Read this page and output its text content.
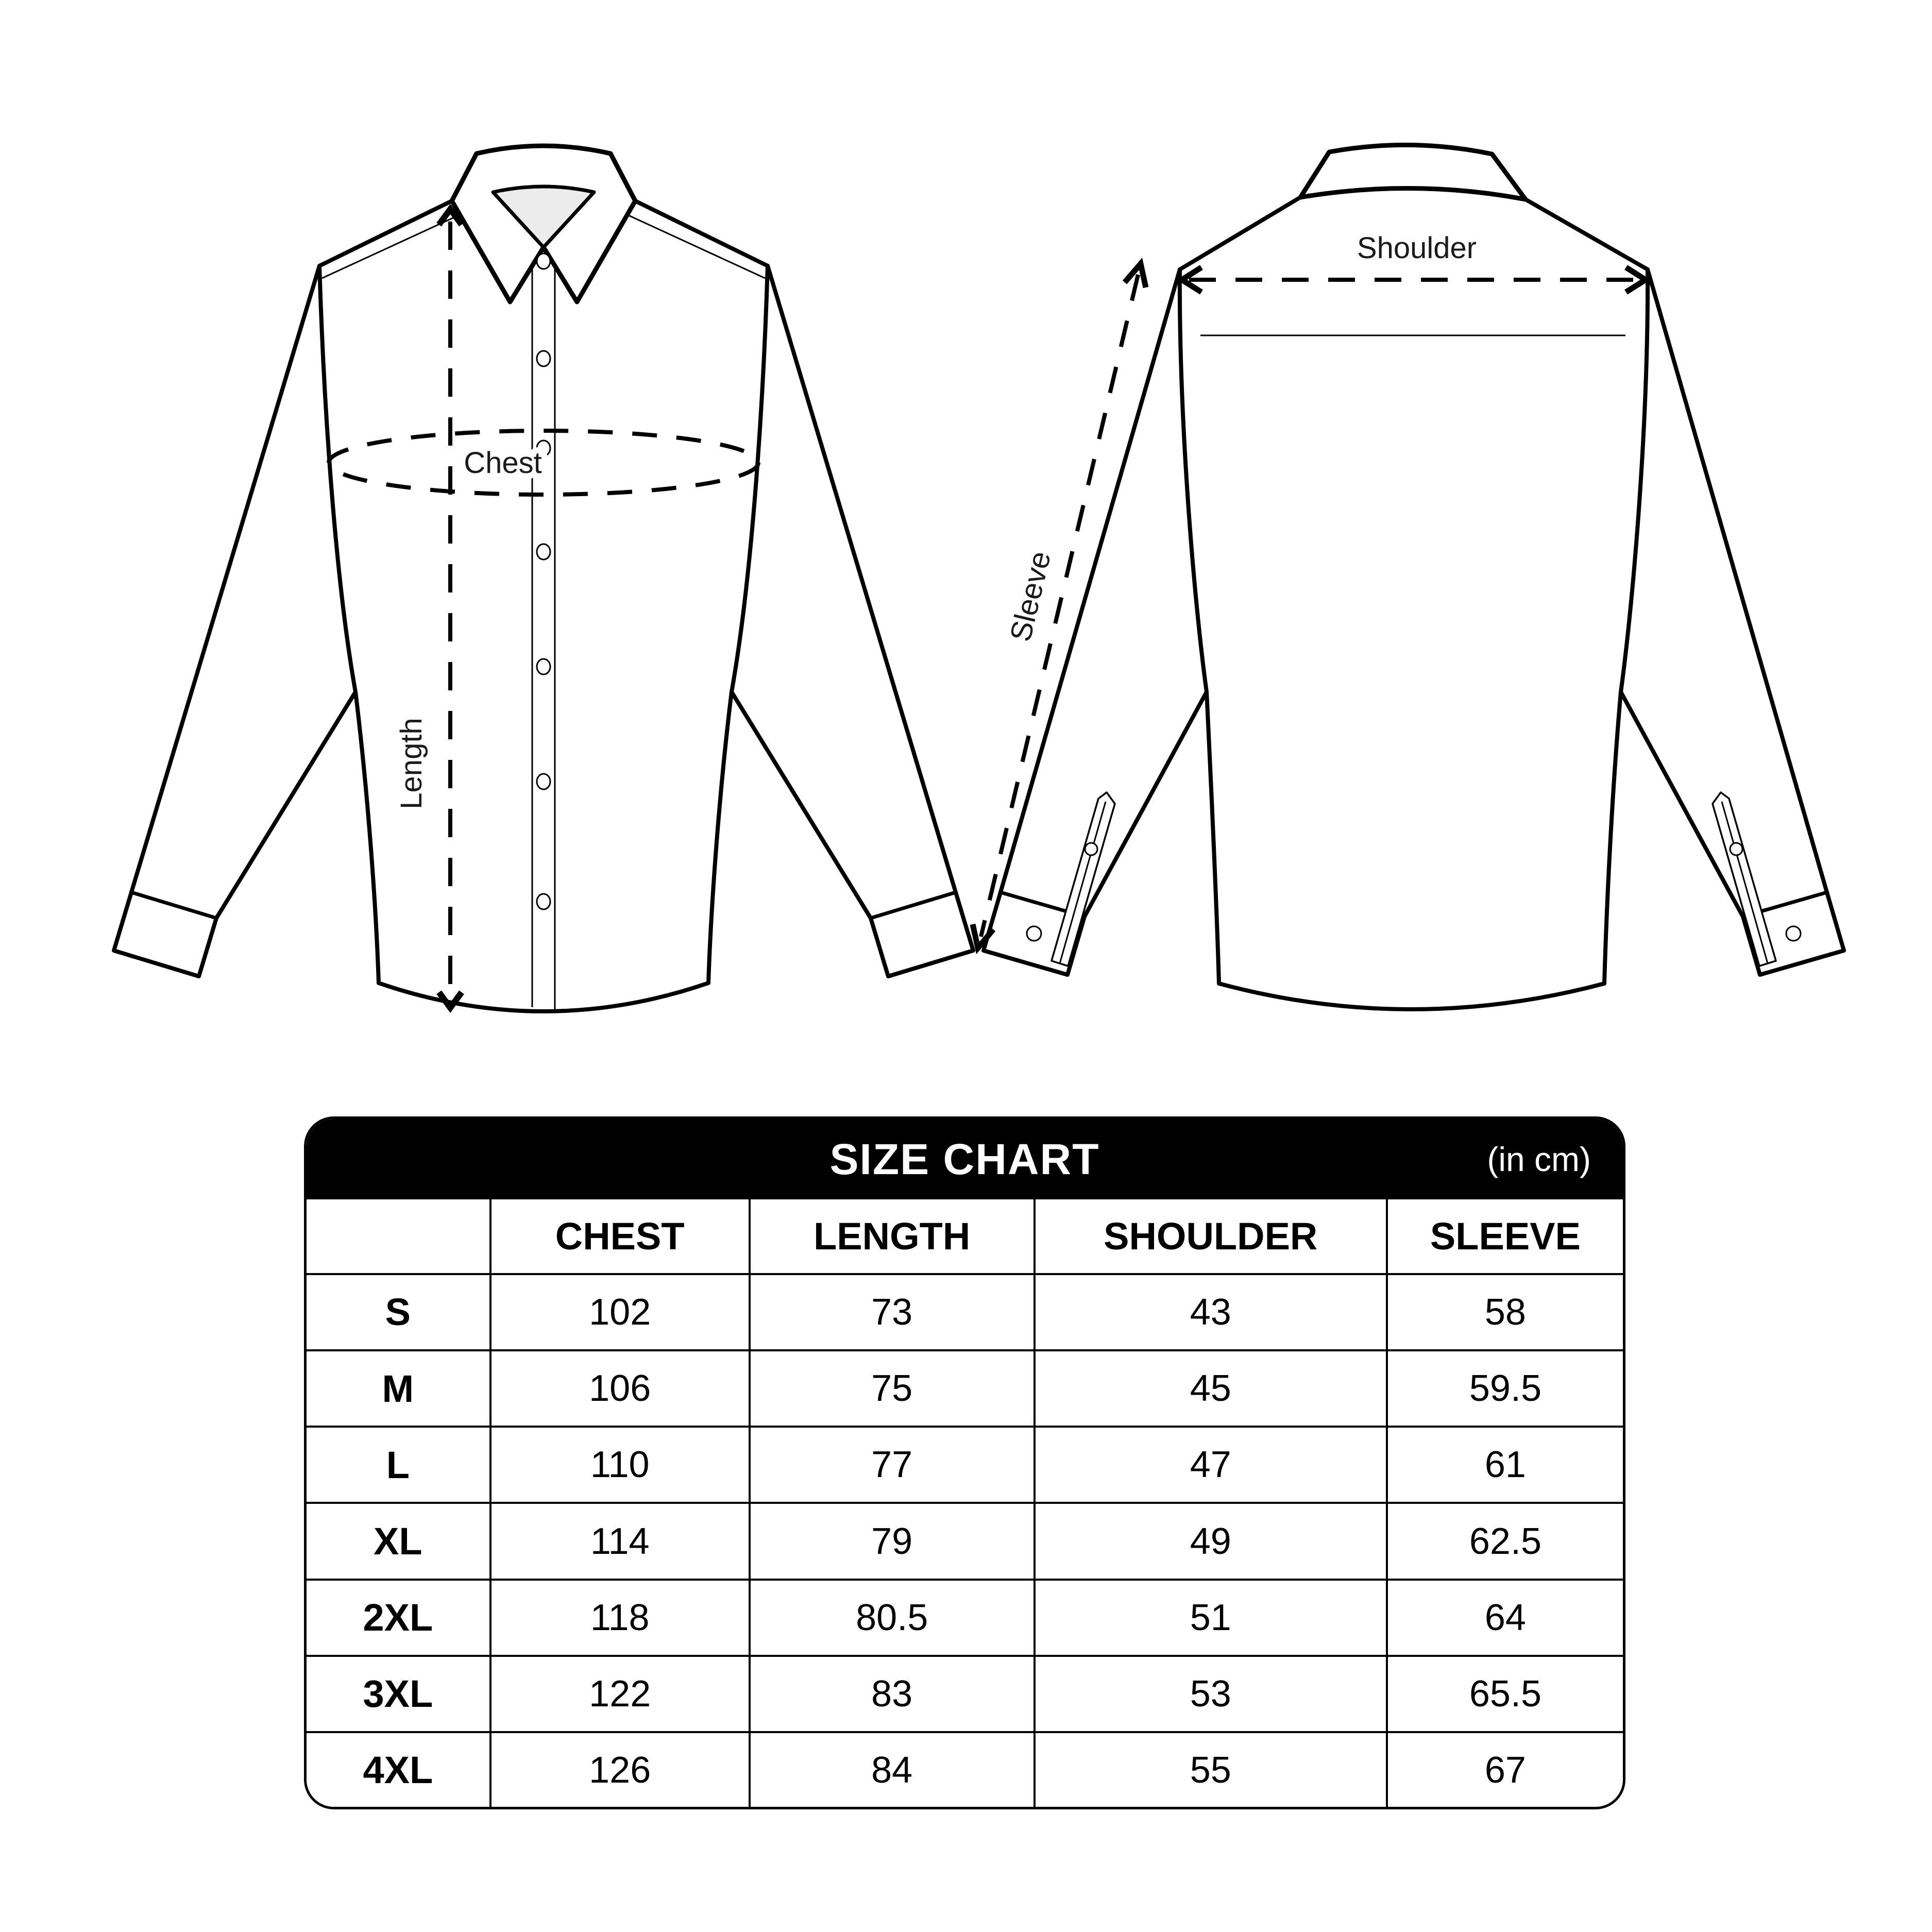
Chest
Length
Shoulder
Sleeve
SIZE CHART	(in cm)
	CHEST	LENGTH	SHOULDER	SLEEVE
S	102	73	43	58
M	106	75	45	59.5
L	110	77	47	61
XL	114	79	49	62.5
2XL	118	80.5	51	64
3XL	122	83	53	65.5
4XL	126	84	55	67
